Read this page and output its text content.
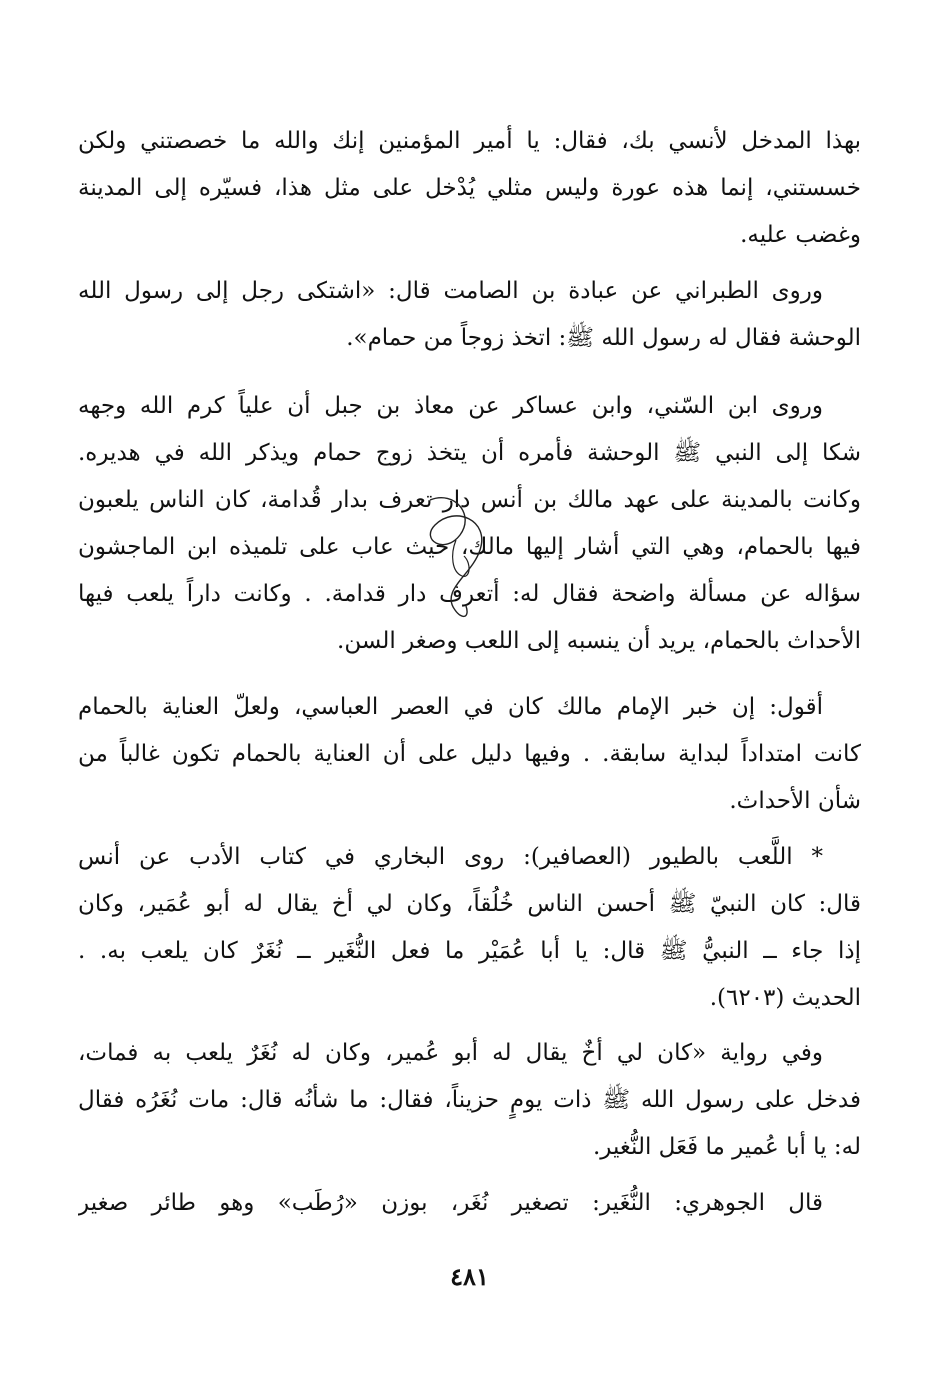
بهذا المدخل لأنسي بك، فقال: يا أمير المؤمنين إنك والله ما خصصتني ولكن
خسستني، إنما هذه عورة وليس مثلي يُدْخل على مثل هذا، فسيّره إلى المدينة
وغضب عليه.
وروى الطبراني عن عبادة بن الصامت قال: «اشتكى رجل إلى رسول الله
الوحشة فقال له رسول الله ﷺ: اتخذ زوجاً من حمام».
وروى ابن السّني، وابن عساكر عن معاذ بن جبل أن علياً كرم الله وجهه
شكا إلى النبي ﷺ الوحشة فأمره أن يتخذ زوج حمام ويذكر الله في هديره.
وكانت بالمدينة على عهد مالك بن أنس دار تعرف بدار قُدامة، كان الناس يلعبون
فيها بالحمام، وهي التي أشار إليها مالك، حيث عاب على تلميذه ابن الماجشون
سؤاله عن مسألة واضحة فقال له: أتعرف دار قدامة. . وكانت داراً يلعب فيها
الأحداث بالحمام، يريد أن ينسبه إلى اللعب وصغر السن.
أقول: إن خبر الإمام مالك كان في العصر العباسي، ولعلّ العناية بالحمام
كانت امتداداً لبداية سابقة. . وفيها دليل على أن العناية بالحمام تكون غالباً من
شأن الأحداث.
* اللَّعب بالطيور (العصافير): روى البخاري في كتاب الأدب عن أنس
قال: كان النبيّ ﷺ أحسن الناس خُلُقاً، وكان لي أخ يقال له أبو عُمَير، وكان
إذا جاء ــ النبيُّ ﷺ قال: يا أبا عُمَيْر ما فعل النُّغَير ــ نُغَرٌ كان يلعب به. .
الحديث (٦٢٠٣).
وفي رواية «كان لي أخٌ يقال له أبو عُمير، وكان له نُغَرٌ يلعب به فمات،
فدخل على رسول الله ﷺ ذات يومٍ حزيناً، فقال: ما شأنُه قال: مات نُغَرُه فقال
له: يا أبا عُمير ما فَعَل النُّغير.
قال الجوهري: النُّغَير: تصغير نُغَر، بوزن «رُطَب» وهو طائر صغير
٤٨١
